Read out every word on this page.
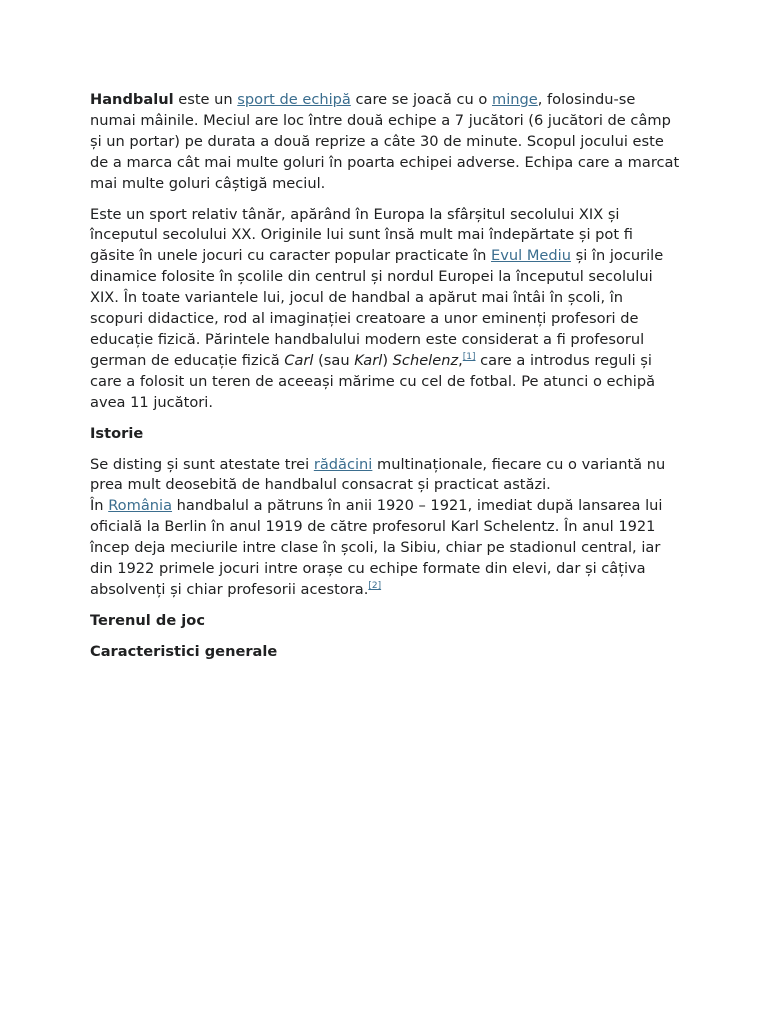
Handbalul este un sport de echipă care se joacă cu o minge, folosindu-se numai mâinile. Meciul are loc între două echipe a 7 jucători (6 jucători de câmp și un portar) pe durata a două reprize a câte 30 de minute. Scopul jocului este de a marca cât mai multe goluri în poarta echipei adverse. Echipa care a marcat mai multe goluri câștigă meciul.

Este un sport relativ tânăr, apărând în Europa la sfârșitul secolului XIX și începutul secolului XX. Originile lui sunt însă mult mai îndepărtate și pot fi găsite în unele jocuri cu caracter popular practicate în Evul Mediu și în jocurile dinamice folosite în școlile din centrul și nordul Europei la începutul secolului XIX. În toate variantele lui, jocul de handbal a apărut mai întâi în școli, în scopuri didactice, rod al imaginației creatoare a unor eminenți profesori de educație fizică. Părintele handbalului modern este considerat a fi profesorul german de educație fizică Carl (sau Karl) Schelenz,[1] care a introdus reguli și care a folosit un teren de aceeași mărime cu cel de fotbal. Pe atunci o echipă avea 11 jucători.

Istorie

Se disting și sunt atestate trei rădăcini multinaționale, fiecare cu o variantă nu prea mult deosebită de handbalul consacrat și practicat astăzi.
În România handbalul a pătruns în anii 1920 – 1921, imediat după lansarea lui oficială la Berlin în anul 1919 de către profesorul Karl Schelentz. În anul 1921 încep deja meciurile intre clase în școli, la Sibiu, chiar pe stadionul central, iar din 1922 primele jocuri intre orașe cu echipe formate din elevi, dar și câțiva absolvenți și chiar profesorii acestora.[2]

Terenul de joc
Caracteristici generale
